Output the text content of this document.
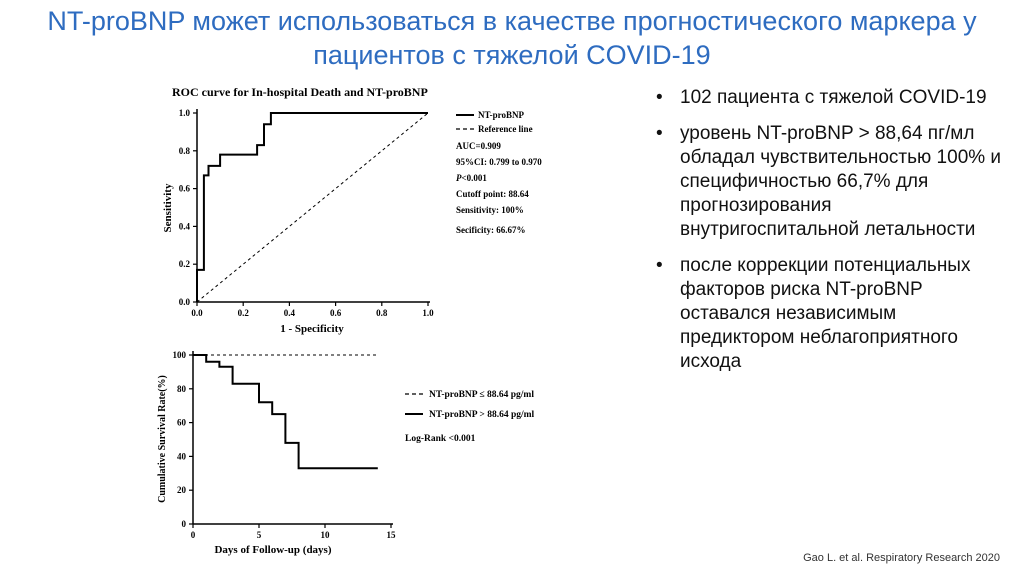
NT-proBNP может использоваться в качестве прогностического маркера у
пациентов с тяжелой COVID-19
ROC curve for In-hospital Death and NT-proBNP
0.0	0.2	0.4	0.6	0.8	1.0
0.0
0.2
0.4
0.6
0.8
1.0
1 - Specificity
Sensitivity
NT-proBNP
Reference line
AUC=0.909
95%CI: 0.799 to 0.970
P<0.001
Cutoff point: 88.64
Sensitivity: 100%
Secificity: 66.67%
0	5	10	15
0
20
40
60
80
100
Days of Follow-up (days)
Cumulative Survival Rate(%)	NT-proBNP ≤ 88.64 pg/ml
NT-proBNP > 88.64 pg/ml
Log-Rank <0.001
• 102 пациента с тяжелой COVID-19
• уровень NT-proBNP > 88,64 пг/мл обладал чувствительностью 100% и специфичностью 66,7% для прогнозирования внутригоспитальной летальности
• после коррекции потенциальных факторов риска NT-proBNP оставался независимым предиктором неблагоприятного исхода
Gao L. et al. Respiratory Research 2020
